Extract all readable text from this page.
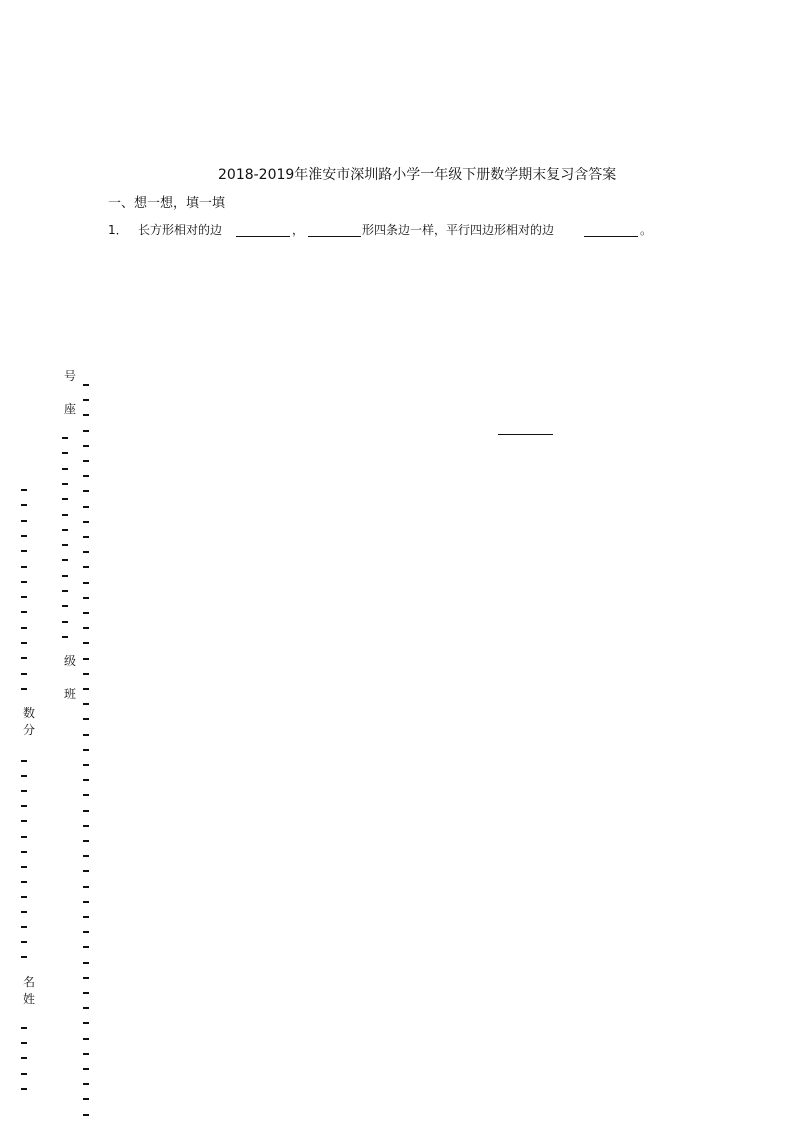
2018-2019年淮安市深圳路小学一年级下册数学期末复习含答案
一、想一想，填一填
1． 长方形相对的边	，	形四条边一样，平行四边形相对的边	。
号
座
级
班
数
分
名
姓
